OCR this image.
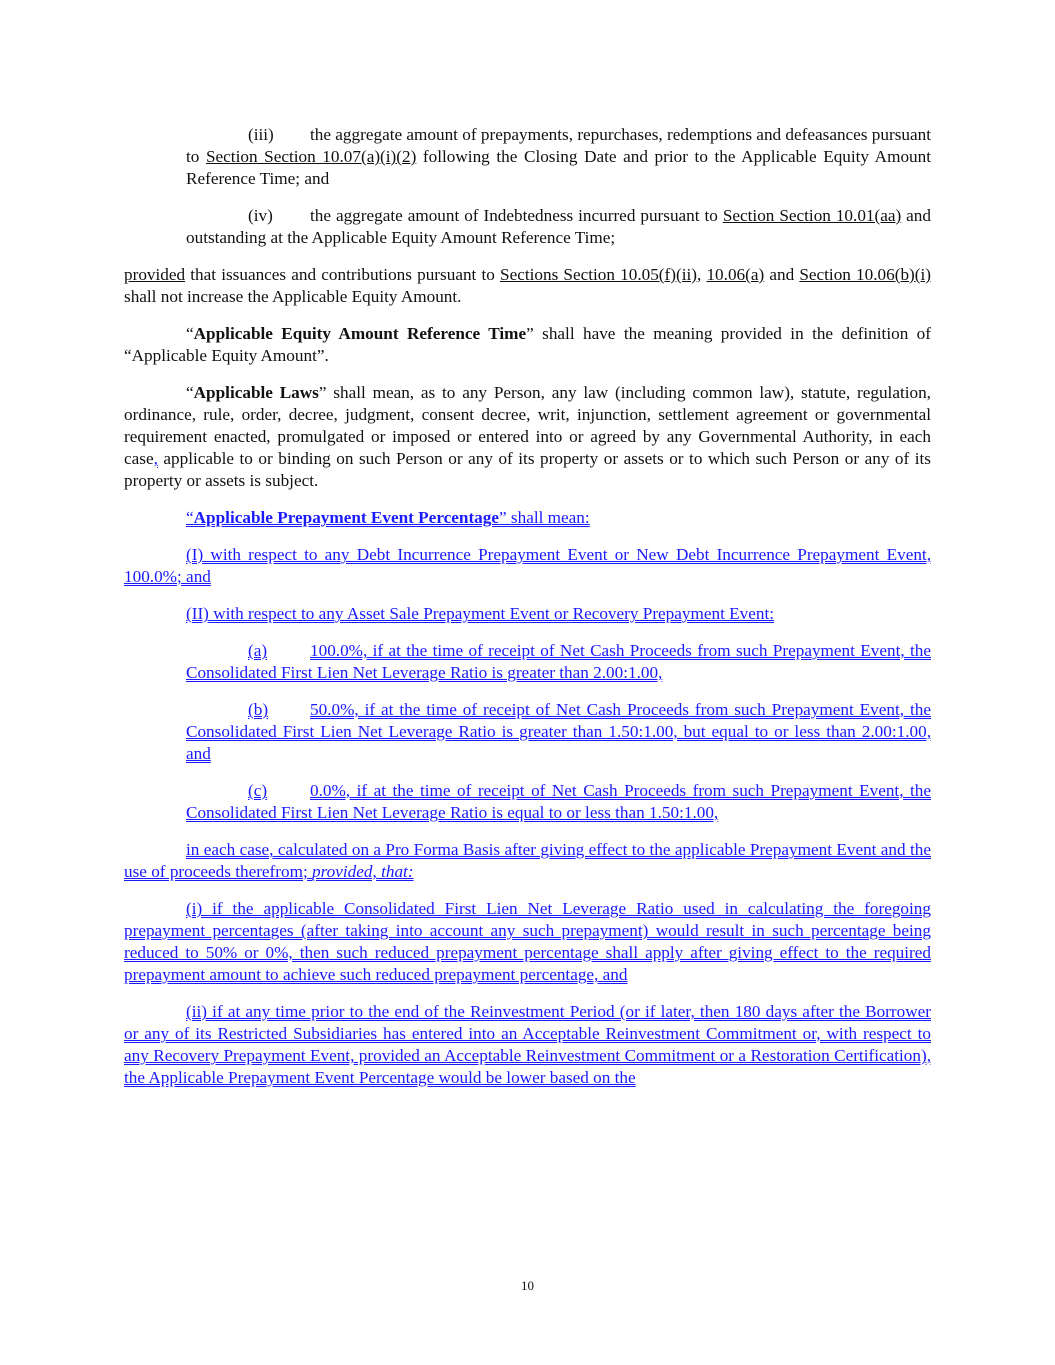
(iii) the aggregate amount of prepayments, repurchases, redemptions and defeasances pursuant to Section Section 10.07(a)(i)(2) following the Closing Date and prior to the Applicable Equity Amount Reference Time; and

(iv) the aggregate amount of Indebtedness incurred pursuant to Section Section 10.01(aa) and outstanding at the Applicable Equity Amount Reference Time;

provided that issuances and contributions pursuant to Sections Section 10.05(f)(ii), 10.06(a) and Section 10.06(b)(i) shall not increase the Applicable Equity Amount.

“Applicable Equity Amount Reference Time” shall have the meaning provided in the definition of “Applicable Equity Amount”.

“Applicable Laws” shall mean, as to any Person, any law (including common law), statute, regulation, ordinance, rule, order, decree, judgment, consent decree, writ, injunction, settlement agreement or governmental requirement enacted, promulgated or imposed or entered into or agreed by any Governmental Authority, in each case, applicable to or binding on such Person or any of its property or assets or to which such Person or any of its property or assets is subject.

“Applicable Prepayment Event Percentage” shall mean:

(I) with respect to any Debt Incurrence Prepayment Event or New Debt Incurrence Prepayment Event, 100.0%; and

(II) with respect to any Asset Sale Prepayment Event or Recovery Prepayment Event:

(a) 100.0%, if at the time of receipt of Net Cash Proceeds from such Prepayment Event, the Consolidated First Lien Net Leverage Ratio is greater than 2.00:1.00,

(b) 50.0%, if at the time of receipt of Net Cash Proceeds from such Prepayment Event, the Consolidated First Lien Net Leverage Ratio is greater than 1.50:1.00, but equal to or less than 2.00:1.00, and

(c) 0.0%, if at the time of receipt of Net Cash Proceeds from such Prepayment Event, the Consolidated First Lien Net Leverage Ratio is equal to or less than 1.50:1.00,

in each case, calculated on a Pro Forma Basis after giving effect to the applicable Prepayment Event and the use of proceeds therefrom; provided, that:

(i) if the applicable Consolidated First Lien Net Leverage Ratio used in calculating the foregoing prepayment percentages (after taking into account any such prepayment) would result in such percentage being reduced to 50% or 0%, then such reduced prepayment percentage shall apply after giving effect to the required prepayment amount to achieve such reduced prepayment percentage, and

(ii) if at any time prior to the end of the Reinvestment Period (or if later, then 180 days after the Borrower or any of its Restricted Subsidiaries has entered into an Acceptable Reinvestment Commitment or, with respect to any Recovery Prepayment Event, provided an Acceptable Reinvestment Commitment or a Restoration Certification), the Applicable Prepayment Event Percentage would be lower based on the

10
